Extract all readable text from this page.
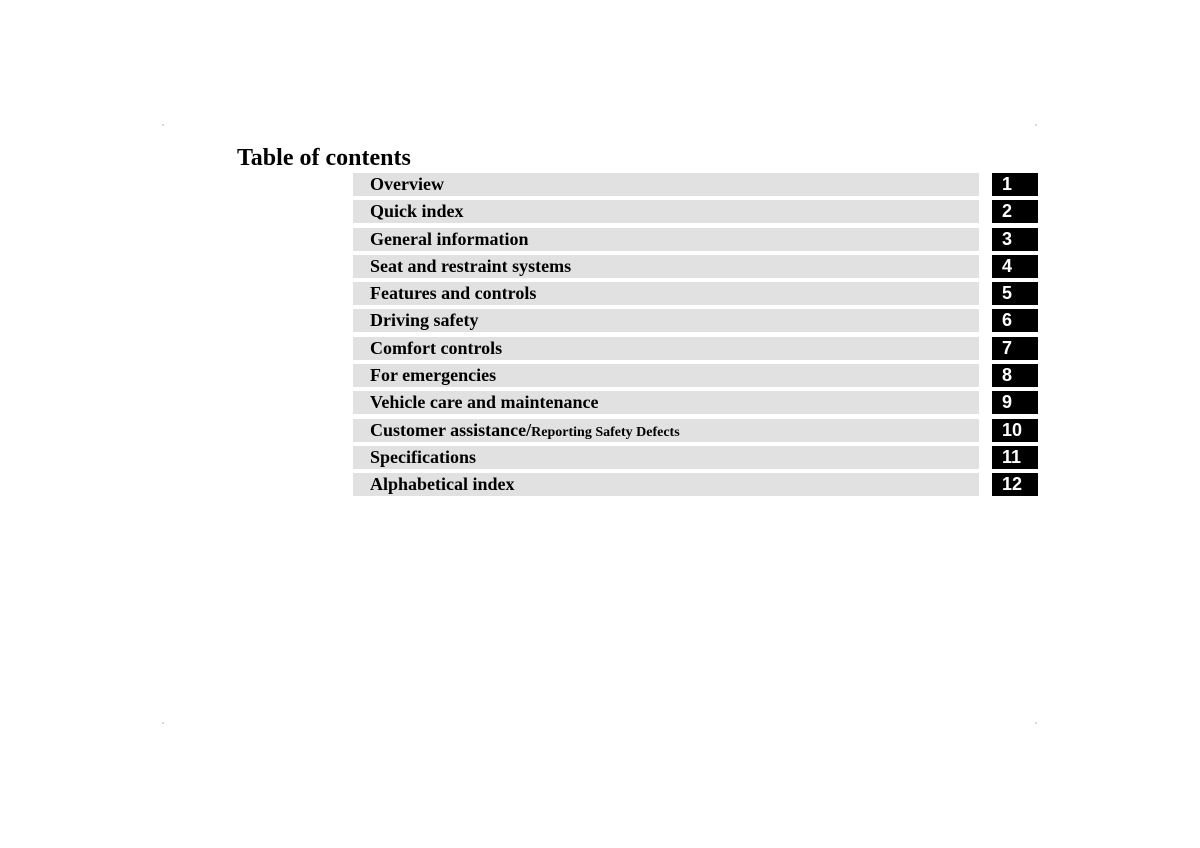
Table of contents
Overview	1
Quick index	2
General information	3
Seat and restraint systems	4
Features and controls	5
Driving safety	6
Comfort controls	7
For emergencies	8
Vehicle care and maintenance	9
Customer assistance/Reporting Safety Defects	10
Specifications	11
Alphabetical index	12
